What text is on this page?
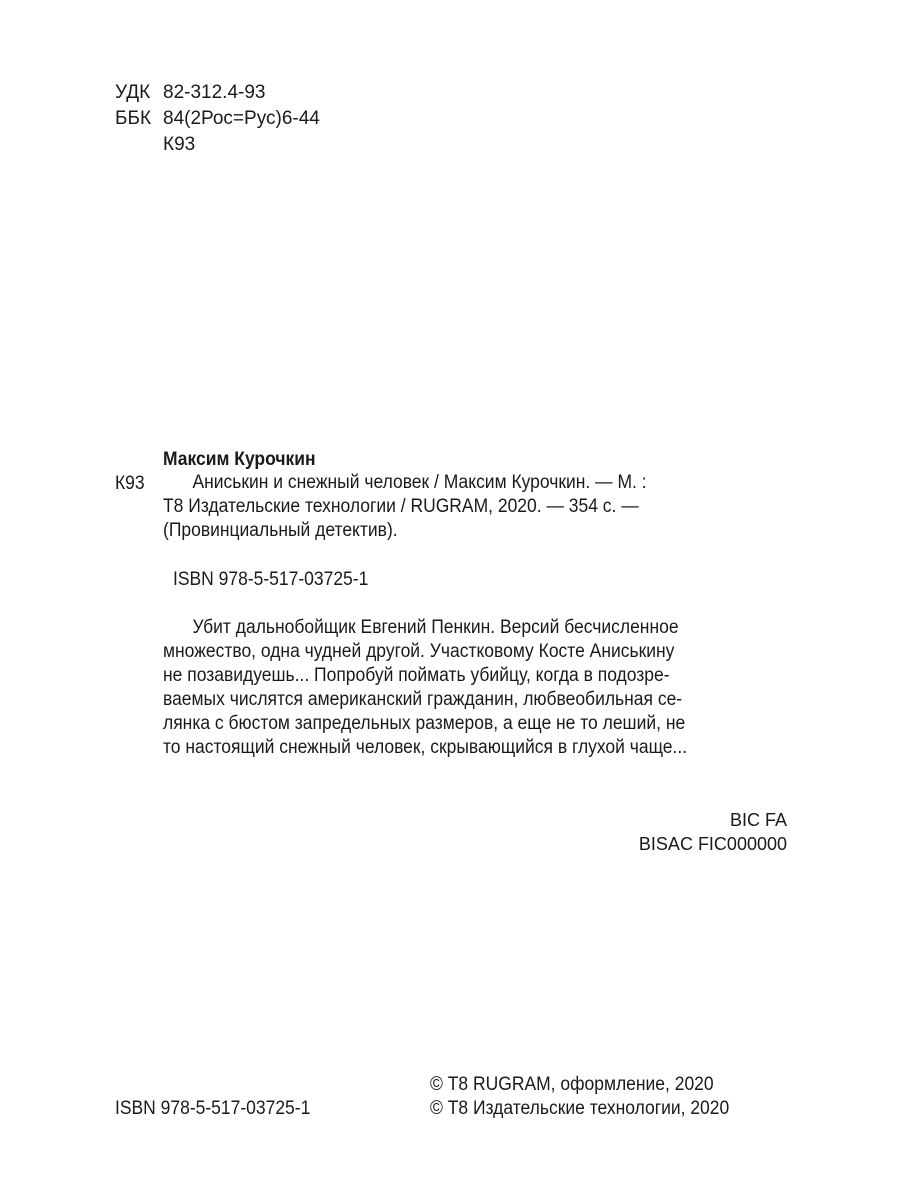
УДК 82-312.4-93
ББК 84(2Рос=Рус)6-44
К93
Максим Курочкин
К93	Аниськин и снежный человек / Максим Курочкин. — М. :
Т8 Издательские технологии / RUGRAM, 2020. — 354 с. —
(Провинциальный детектив).
ISBN 978-5-517-03725-1
Убит дальнобойщик Евгений Пенкин. Версий бесчисленное
множество, одна чудней другой. Участковому Косте Аниськину
не позавидуешь... Попробуй поймать убийцу, когда в подозре-
ваемых числятся американский гражданин, любвеобильная се-
лянка с бюстом запредельных размеров, а еще не то леший, не
то настоящий снежный человек, скрывающийся в глухой чаще...
BIC FA
BISAC FIC000000
ISBN 978-5-517-03725-1
© Т8 RUGRAM, оформление, 2020
© Т8 Издательские технологии, 2020
